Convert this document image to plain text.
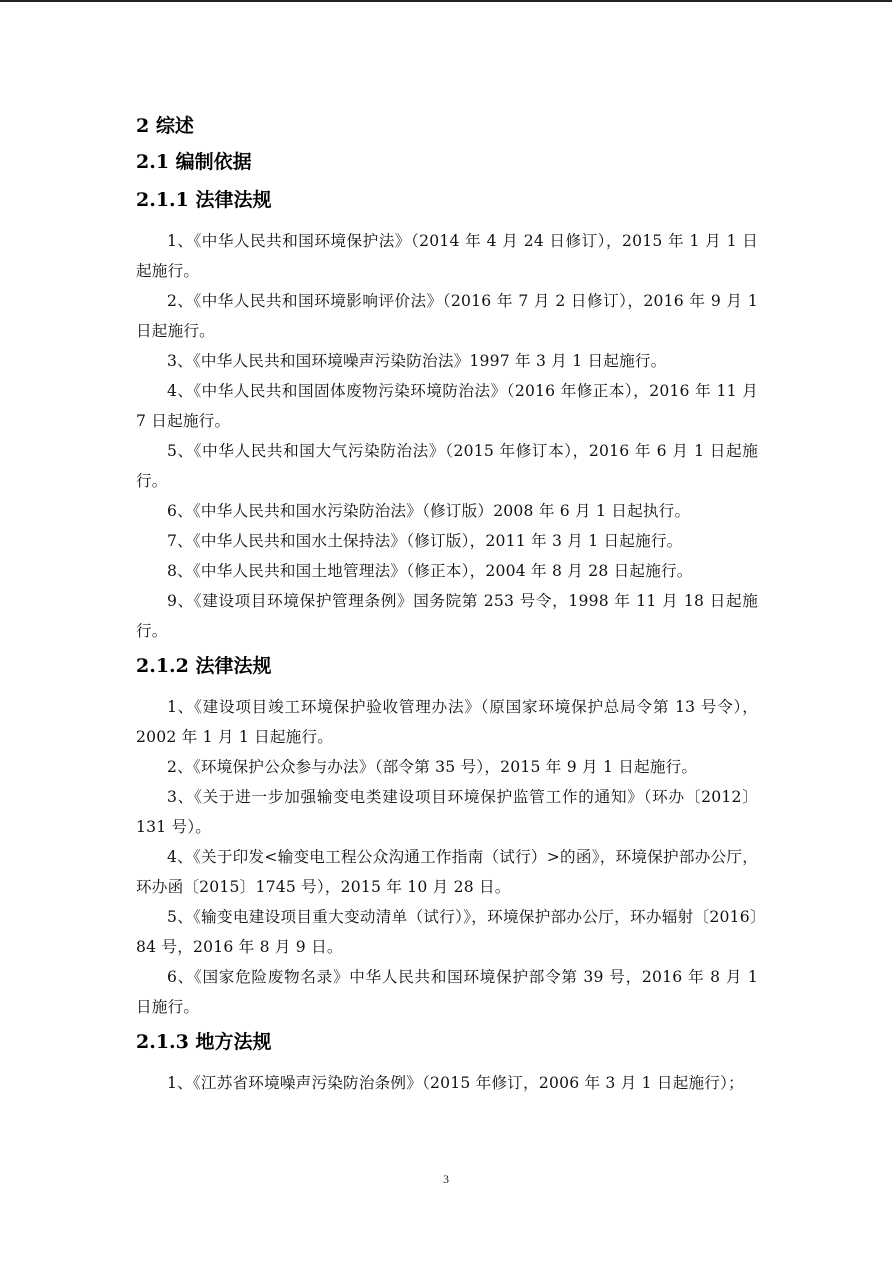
2 综述
2.1 编制依据
2.1.1 法律法规

1、《中华人民共和国环境保护法》（2014 年 4 月 24 日修订），2015 年 1 月 1 日起施行。

2、《中华人民共和国环境影响评价法》（2016 年 7 月 2 日修订），2016 年 9 月 1 日起施行。

3、《中华人民共和国环境噪声污染防治法》1997 年 3 月 1 日起施行。

4、《中华人民共和国固体废物污染环境防治法》（2016 年修正本），2016 年 11 月 7 日起施行。

5、《中华人民共和国大气污染防治法》（2015 年修订本），2016 年 6 月 1 日起施行。

6、《中华人民共和国水污染防治法》（修订版）2008 年 6 月 1 日起执行。

7、《中华人民共和国水土保持法》（修订版），2011 年 3 月 1 日起施行。

8、《中华人民共和国土地管理法》（修正本），2004 年 8 月 28 日起施行。

9、《建设项目环境保护管理条例》国务院第 253 号令，1998 年 11 月 18 日起施行。

2.1.2 法律法规

1、《建设项目竣工环境保护验收管理办法》（原国家环境保护总局令第 13 号令），2002 年 1 月 1 日起施行。

2、《环境保护公众参与办法》（部令第 35 号），2015 年 9 月 1 日起施行。

3、《关于进一步加强输变电类建设项目环境保护监管工作的通知》（环办〔2012〕131 号）。

4、《关于印发<输变电工程公众沟通工作指南（试行）>的函》，环境保护部办公厅，环办函〔2015〕1745 号），2015 年 10 月 28 日。

5、《输变电建设项目重大变动清单（试行）》，环境保护部办公厅，环办辐射〔2016〕84 号，2016 年 8 月 9 日。

6、《国家危险废物名录》中华人民共和国环境保护部令第 39 号，2016 年 8 月 1 日施行。

2.1.3 地方法规

1、《江苏省环境噪声污染防治条例》（2015 年修订，2006 年 3 月 1 日起施行）；

3
